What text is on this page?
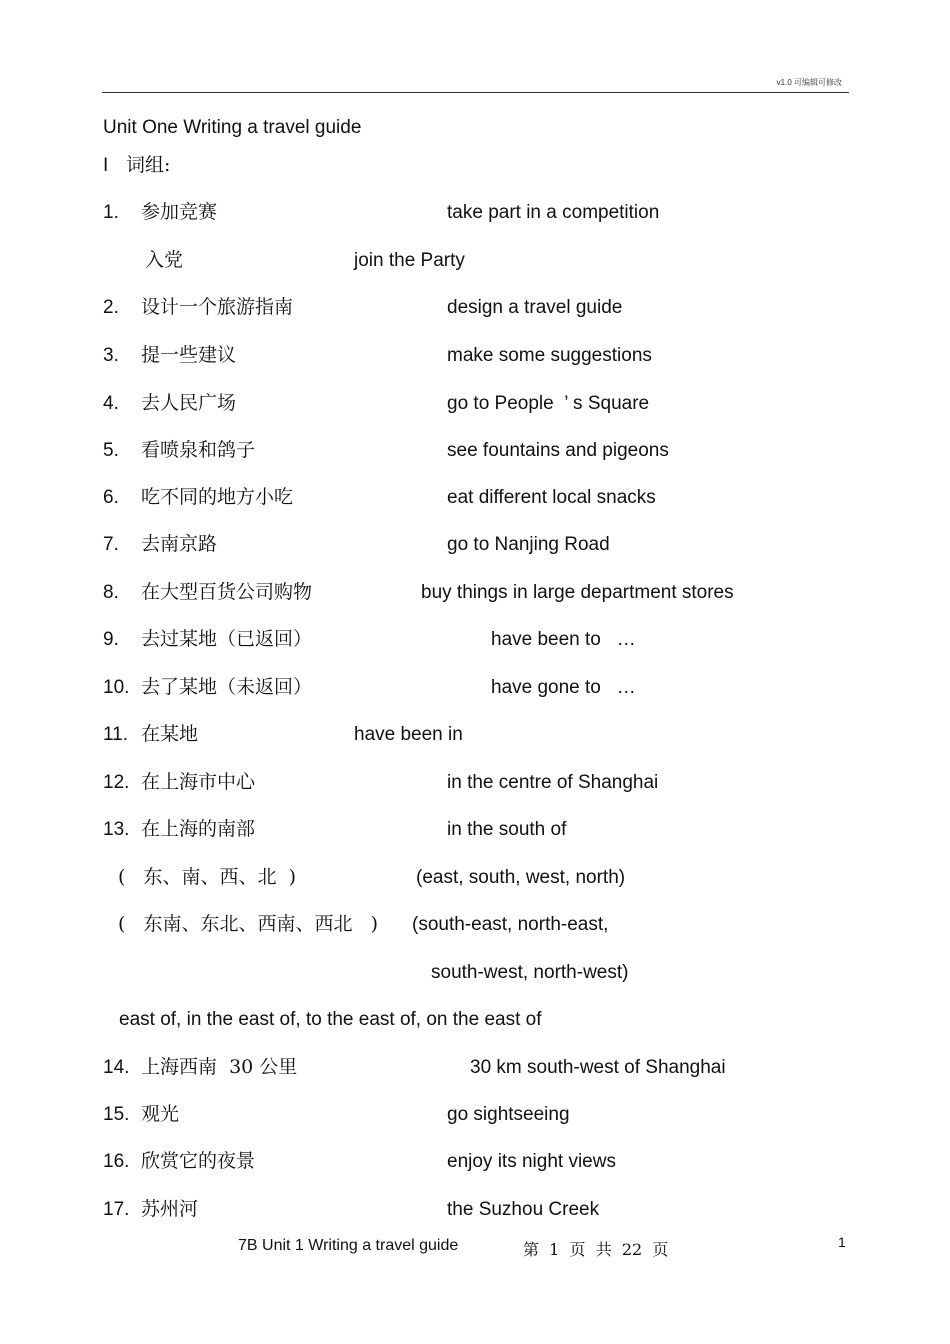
v1.0 可编辑可修改
Unit One Writing a travel guide
I 词组:
1. 参加竞赛	take part in a competition
入党	join the Party
2. 设计一个旅游指南	design a travel guide
3. 提一些建议	make some suggestions
4. 去人民广场	go to People  ’ s Square
5. 看喷泉和鸽子	see fountains and pigeons
6. 吃不同的地方小吃	eat different local snacks
7. 去南京路	go to Nanjing Road
8. 在大型百货公司购物	buy things in large department stores
9. 去过某地（已返回）	have been to   …
10. 去了某地（未返回）	have gone to   …
11. 在某地	have been in
12. 在上海市中心	in the centre of Shanghai
13. 在上海的南部	in the south of
(   东、南、西、北  )	(east, south, west, north)
(   东南、东北、西南、西北   ) (south-east, north-east,
south-west, north-west)
east of, in the east of, to the east of, on the east of
14. 上海西南  30 公里	30 km south-west of Shanghai
15. 观光	go sightseeing
16. 欣赏它的夜景	enjoy its night views
17. 苏州河	the Suzhou Creek
7B Unit 1 Writing a travel guide	第  1  页  共  22  页	1
